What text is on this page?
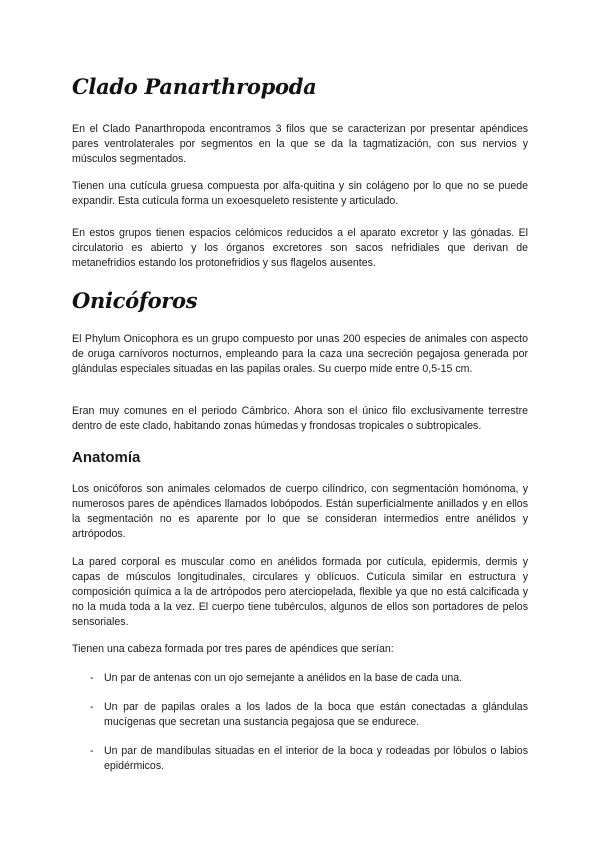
Clado Panarthropoda

En el Clado Panarthropoda encontramos 3 filos que se caracterizan por presentar apéndices pares ventrolaterales por segmentos en la que se da la tagmatización, con sus nervios y músculos segmentados.

Tienen una cutícula gruesa compuesta por alfa-quitina y sin colágeno por lo que no se puede expandir. Esta cutícula forma un exoesqueleto resistente y articulado.

En estos grupos tienen espacios celómicos reducidos a el aparato excretor y las gónadas. El circulatorio es abierto y los órganos excretores son sacos nefridiales que derivan de metanefridios estando los protonefridios y sus flagelos ausentes.

Onicóforos

El Phylum Onicophora es un grupo compuesto por unas 200 especies de animales con aspecto de oruga carnívoros nocturnos, empleando para la caza una secreción pegajosa generada por glándulas especiales situadas en las papilas orales. Su cuerpo mide entre 0,5-15 cm.

Eran muy comunes en el periodo Cámbrico. Ahora son el único filo exclusivamente terrestre dentro de este clado, habitando zonas húmedas y frondosas tropicales o subtropicales.

Anatomía

Los onicóforos son animales celomados de cuerpo cilíndrico, con segmentación homónoma, y numerosos pares de apéndices llamados lobópodos. Están superficialmente anillados y en ellos la segmentación no es aparente por lo que se consideran intermedios entre anélidos y artrópodos.

La pared corporal es muscular como en anélidos formada por cutícula, epidermis, dermis y capas de músculos longitudinales, circulares y oblícuos. Cutícula similar en estructura y composición química a la de artrópodos pero aterciopelada, flexible ya que no está calcificada y no la muda toda a la vez. El cuerpo tiene tubérculos, algunos de ellos son portadores de pelos sensoriales.

Tienen una cabeza formada por tres pares de apéndices que serían:

- Un par de antenas con un ojo semejante a anélidos en la base de cada una.
- Un par de papilas orales a los lados de la boca que están conectadas a glándulas mucígenas que secretan una sustancia pegajosa que se endurece.
- Un par de mandíbulas situadas en el interior de la boca y rodeadas por lóbulos o labios epidérmicos.
